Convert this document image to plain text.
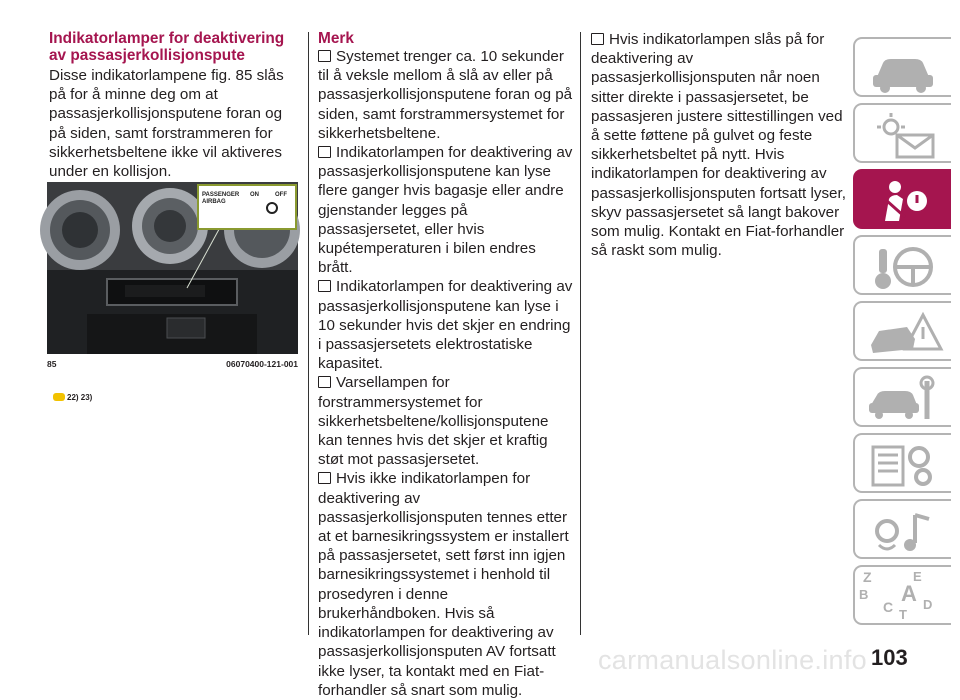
Indikatorlamper for deaktivering av passasjerkollisjonspute
Disse indikatorlampene fig. 85 slås på for å minne deg om at passasjerkollisjonsputene foran og på siden, samt forstrammeren for sikkerhetsbeltene ikke vil aktiveres under en kollisjon.
PASSENGER AIRBAG
ON	OFF
85	06070400-121-001
22) 23)
Merk
Systemet trenger ca. 10 sekunder til å veksle mellom å slå av eller på passasjerkollisjonsputene foran og på siden, samt forstrammersystemet for sikkerhetsbeltene.
Indikatorlampen for deaktivering av passasjerkollisjonsputene kan lyse flere ganger hvis bagasje eller andre gjenstander legges på passasjersetet, eller hvis kupétemperaturen i bilen endres brått.
Indikatorlampen for deaktivering av passasjerkollisjonsputene kan lyse i 10 sekunder hvis det skjer en endring i passasjersetets elektrostatiske kapasitet.
Varsellampen for forstrammersystemet for sikkerhetsbeltene/kollisjonsputene kan tennes hvis det skjer et kraftig støt mot passasjersetet.
Hvis ikke indikatorlampen for deaktivering av passasjerkollisjonsputen tennes etter at et barnesikringssystem er installert på passasjersetet, sett først inn igjen barnesikringssystemet i henhold til prosedyren i denne brukerhåndboken. Hvis så indikatorlampen for deaktivering av passasjerkollisjonsputen AV fortsatt ikke lyser, ta kontakt med en Fiat-forhandler så snart som mulig.
Hvis indikatorlampen slås på for deaktivering av passasjerkollisjonsputen når noen sitter direkte i passasjersetet, be passasjeren justere sittestillingen ved å sette føttene på gulvet og feste sikkerhetsbeltet på nytt. Hvis indikatorlampen for deaktivering av passasjerkollisjonsputen fortsatt lyser, skyv passasjersetet så langt bakover som mulig. Kontakt en Fiat-forhandler så raskt som mulig.
Z	E
B A
C D
T
carmanualsonline.info 103
